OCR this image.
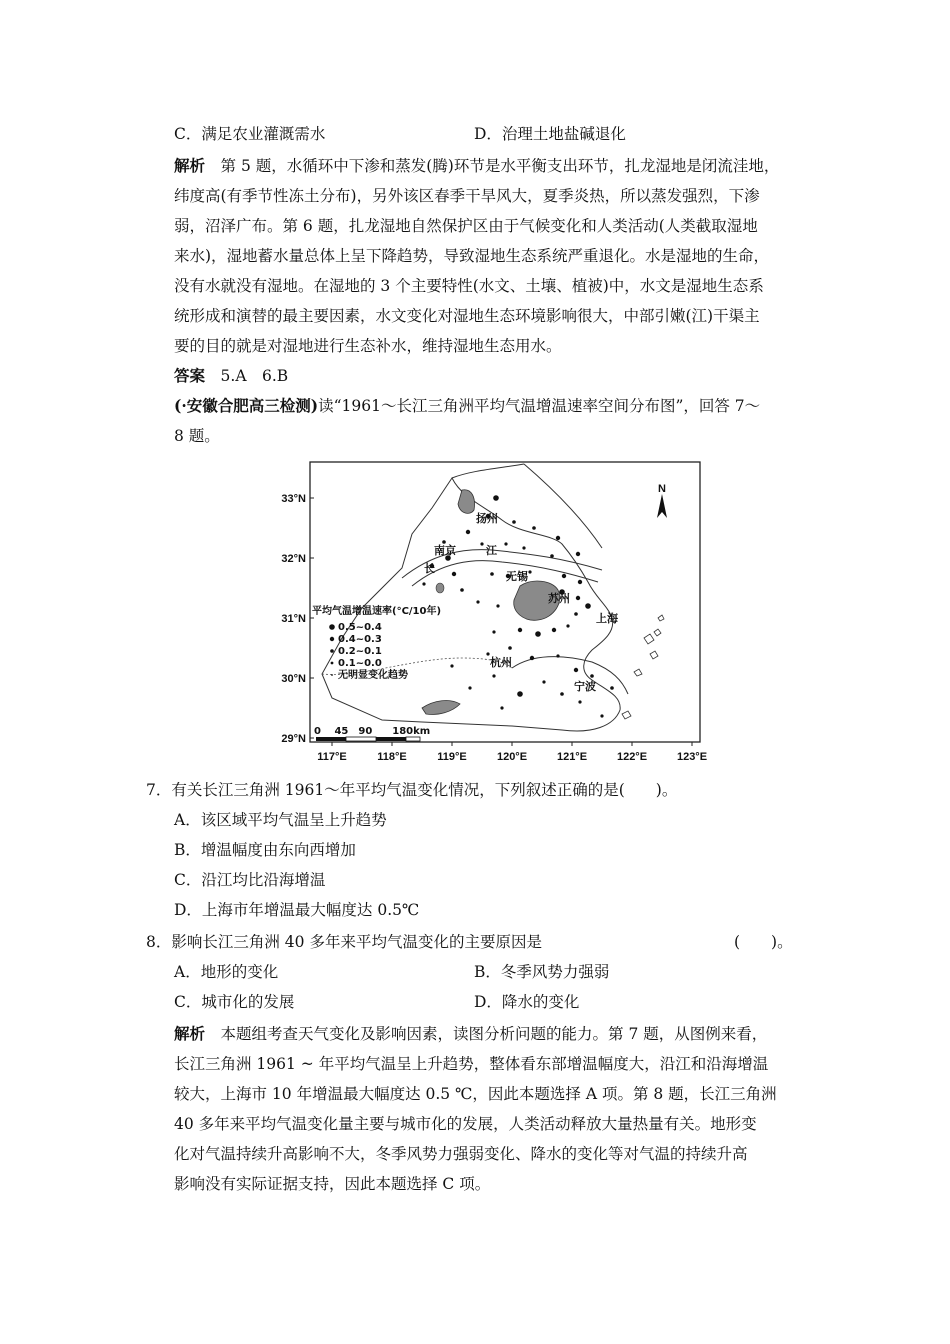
C．满足农业灌溉需水	D．治理土地盐碱退化
解析　 第 5 题，水循环中下渗和蒸发(腾)环节是水平衡支出环节，扎龙湿地是闭流洼地，
纬度高(有季节性冻土分布)，另外该区春季干旱风大，夏季炎热，所以蒸发强烈，下渗
弱，沼泽广布。第 6 题，扎龙湿地自然保护区由于气候变化和人类活动(人类截取湿地
来水)，湿地蓄水量总体上呈下降趋势，导致湿地生态系统严重退化。水是湿地的生命，
没有水就没有湿地。在湿地的 3 个主要特性(水文、土壤、植被)中，水文是湿地生态系
统形成和演替的最主要因素，水文变化对湿地生态环境影响很大，中部引嫩(江)干渠主
要的目的就是对湿地进行生态补水，维持湿地生态用水。
答案　 5.A　6.B
(·安徽合肥高三检测)读“1961～长江三角洲平均气温增温速率空间分布图”，回答 7～
8 题。
N
扬州
南京	江
长
无锡
苏州
上海
杭州
宁波
平均气温增温速率(°C/10年)
0.5~0.4
0.4~0.3
0.2~0.1
0.1~0.0
无明显变化趋势
0　 45　90　　180km
33°N
32°N
31°N
30°N
29°N
117°E	118°E	119°E	120°E	121°E	122°E	123°E
7．有关长江三角洲 1961～年平均气温变化情况，下列叙述正确的是(　　)。
A．该区域平均气温呈上升趋势
B．增温幅度由东向西增加
C．沿江均比沿海增温
D．上海市年增温最大幅度达 0.5℃
8．影响长江三角洲 40 多年来平均气温变化的主要原因是	(　　)。
A．地形的变化	B．冬季风势力强弱
C．城市化的发展	D．降水的变化
解析　 本题组考查天气变化及影响因素，读图分析问题的能力。第 7 题，从图例来看，
长江三角洲 1961 ~ 年平均气温呈上升趋势，整体看东部增温幅度大，沿江和沿海增温
较大，上海市 10 年增温最大幅度达 0.5 ℃，因此本题选择 A 项。第 8 题，长江三角洲
40 多年来平均气温变化量主要与城市化的发展，人类活动释放大量热量有关。地形变
化对气温持续升高影响不大，冬季风势力强弱变化、降水的变化等对气温的持续升高
影响没有实际证据支持，因此本题选择 C 项。
